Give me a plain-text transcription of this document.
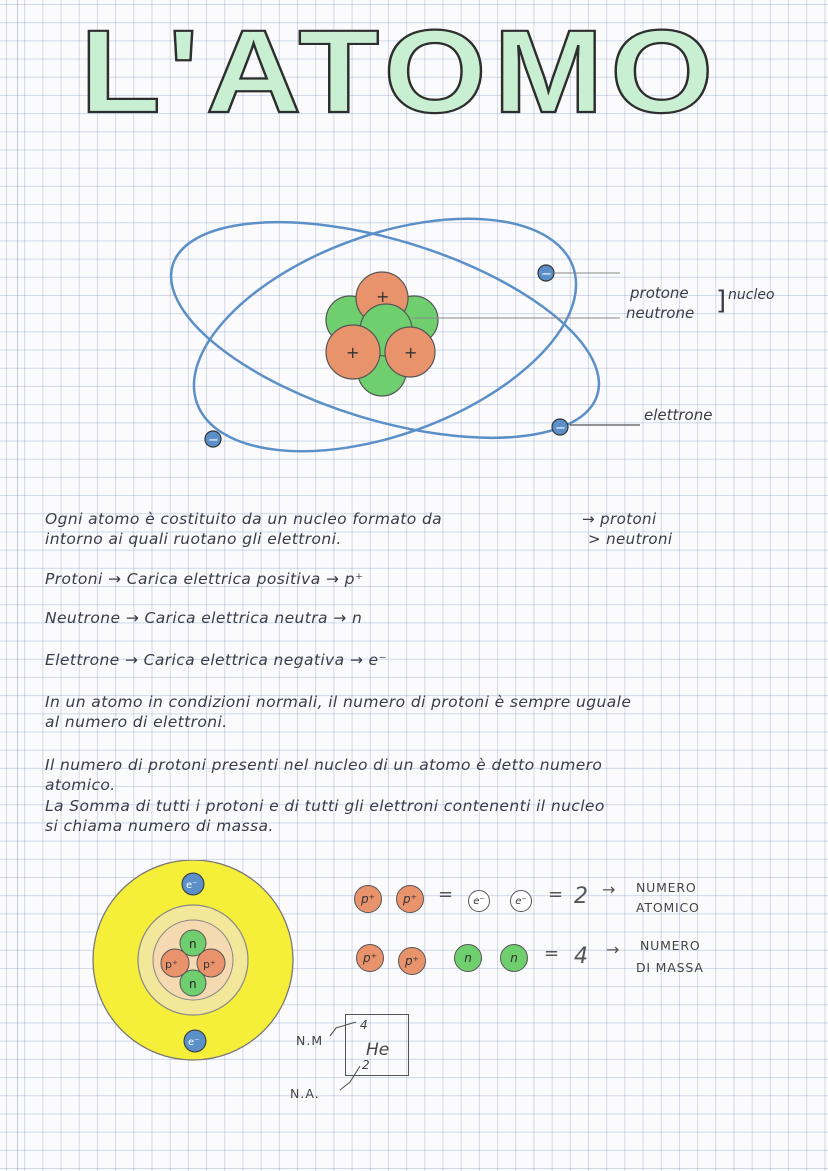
L'ATOMO
+
+	+
−
−
−
protone
neutrone ] nucleo
elettrone
Ogni atomo è costituito da un nucleo formato da
intorno ai quali ruotano gli elettroni.
→ protoni
> neutroni
Protoni → Carica elettrica positiva → p⁺
Neutrone → Carica elettrica neutra → n
Elettrone → Carica elettrica negativa → e⁻
In un atomo in condizioni normali, il numero di protoni è sempre uguale
al numero di elettroni.
Il numero di protoni presenti nel nucleo di un atomo è detto numero
atomico.
La Somma di tutti i protoni e di tutti gli elettroni contenenti il nucleo
si chiama numero di massa.
p⁺ p⁺
n
n
e⁻
e⁻
p⁺	p⁺	=	e⁻	e⁻ = 2 → NUMERO
ATOMICO
p⁺	p⁺	n	n	= 4 → NUMERO
DI MASSA
4
He
2
N.M
N.A.
